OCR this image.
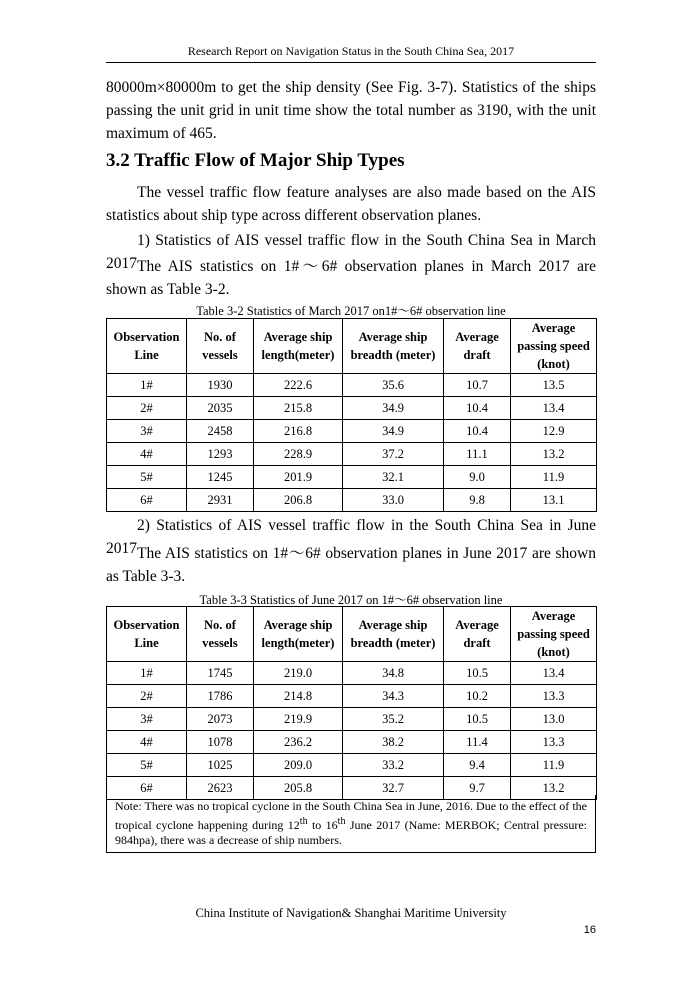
Research Report on Navigation Status in the South China Sea, 2017

80000m×80000m to get the ship density (See Fig. 3-7). Statistics of the ships passing the unit grid in unit time show the total number as 3190, with the unit maximum of 465.

3.2 Traffic Flow of Major Ship Types

The vessel traffic flow feature analyses are also made based on the AIS statistics about ship type across different observation planes.

1) Statistics of AIS vessel traffic flow in the South China Sea in March 2017 The AIS statistics on 1#～6# observation planes in March 2017 are shown as Table 3-2.

Table 3-2 Statistics of March 2017 on1#～6# observation line
Observation Line	No. of vessels	Average ship length(meter)	Average ship breadth (meter)	Average draft	Average passing speed (knot)
1#	1930	222.6	35.6	10.7	13.5
2#	2035	215.8	34.9	10.4	13.4
3#	2458	216.8	34.9	10.4	12.9
4#	1293	228.9	37.2	11.1	13.2
5#	1245	201.9	32.1	9.0	11.9
6#	2931	206.8	33.0	9.8	13.1

2) Statistics of AIS vessel traffic flow in the South China Sea in June 2017 The AIS statistics on 1#～6# observation planes in June 2017 are shown as Table 3-3.

Table 3-3 Statistics of June 2017 on 1#～6# observation line
Observation Line	No. of vessels	Average ship length(meter)	Average ship breadth (meter)	Average draft	Average passing speed (knot)
1#	1745	219.0	34.8	10.5	13.4
2#	1786	214.8	34.3	10.2	13.3
3#	2073	219.9	35.2	10.5	13.0
4#	1078	236.2	38.2	11.4	13.3
5#	1025	209.0	33.2	9.4	11.9
6#	2623	205.8	32.7	9.7	13.2
Note: There was no tropical cyclone in the South China Sea in June, 2016. Due to the effect of the tropical cyclone happening during 12th to 16th June 2017 (Name: MERBOK; Central pressure: 984hpa), there was a decrease of ship numbers.
China Institute of Navigation& Shanghai Maritime University
16
